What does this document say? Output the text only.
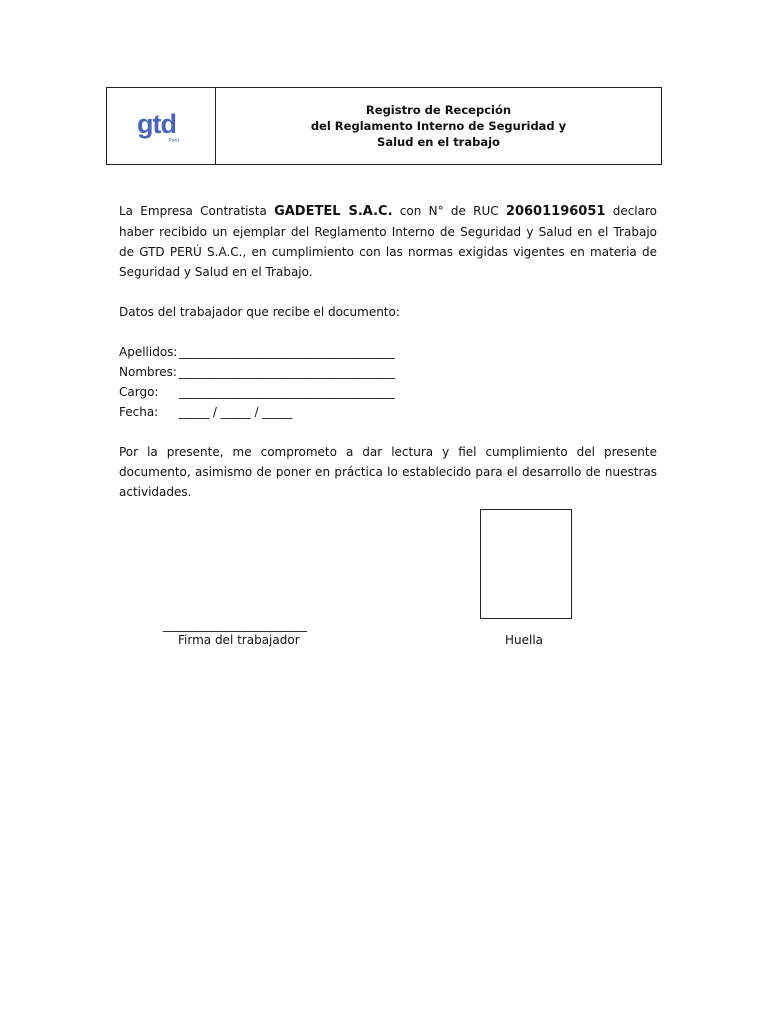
gtd
Perú
Registro de Recepción
del Reglamento Interno de Seguridad y
Salud en el trabajo
La Empresa Contratista GADETEL S.A.C. con N° de RUC 20601196051 declaro haber recibido un ejemplar del Reglamento Interno de Seguridad y Salud en el Trabajo de GTD PERÚ S.A.C., en cumplimiento con las normas exigidas vigentes en materia de Seguridad y Salud en el Trabajo.
Datos del trabajador que recibe el documento:
Apellidos: ____________________________________
Nombres: ____________________________________
Cargo:	____________________________________
Fecha:	_____ / _____ / _____
Por la presente, me comprometo a dar lectura y fiel cumplimiento del presente documento, asimismo de poner en práctica lo establecido para el desarrollo de nuestras actividades.
________________________
Firma del trabajador	Huella
